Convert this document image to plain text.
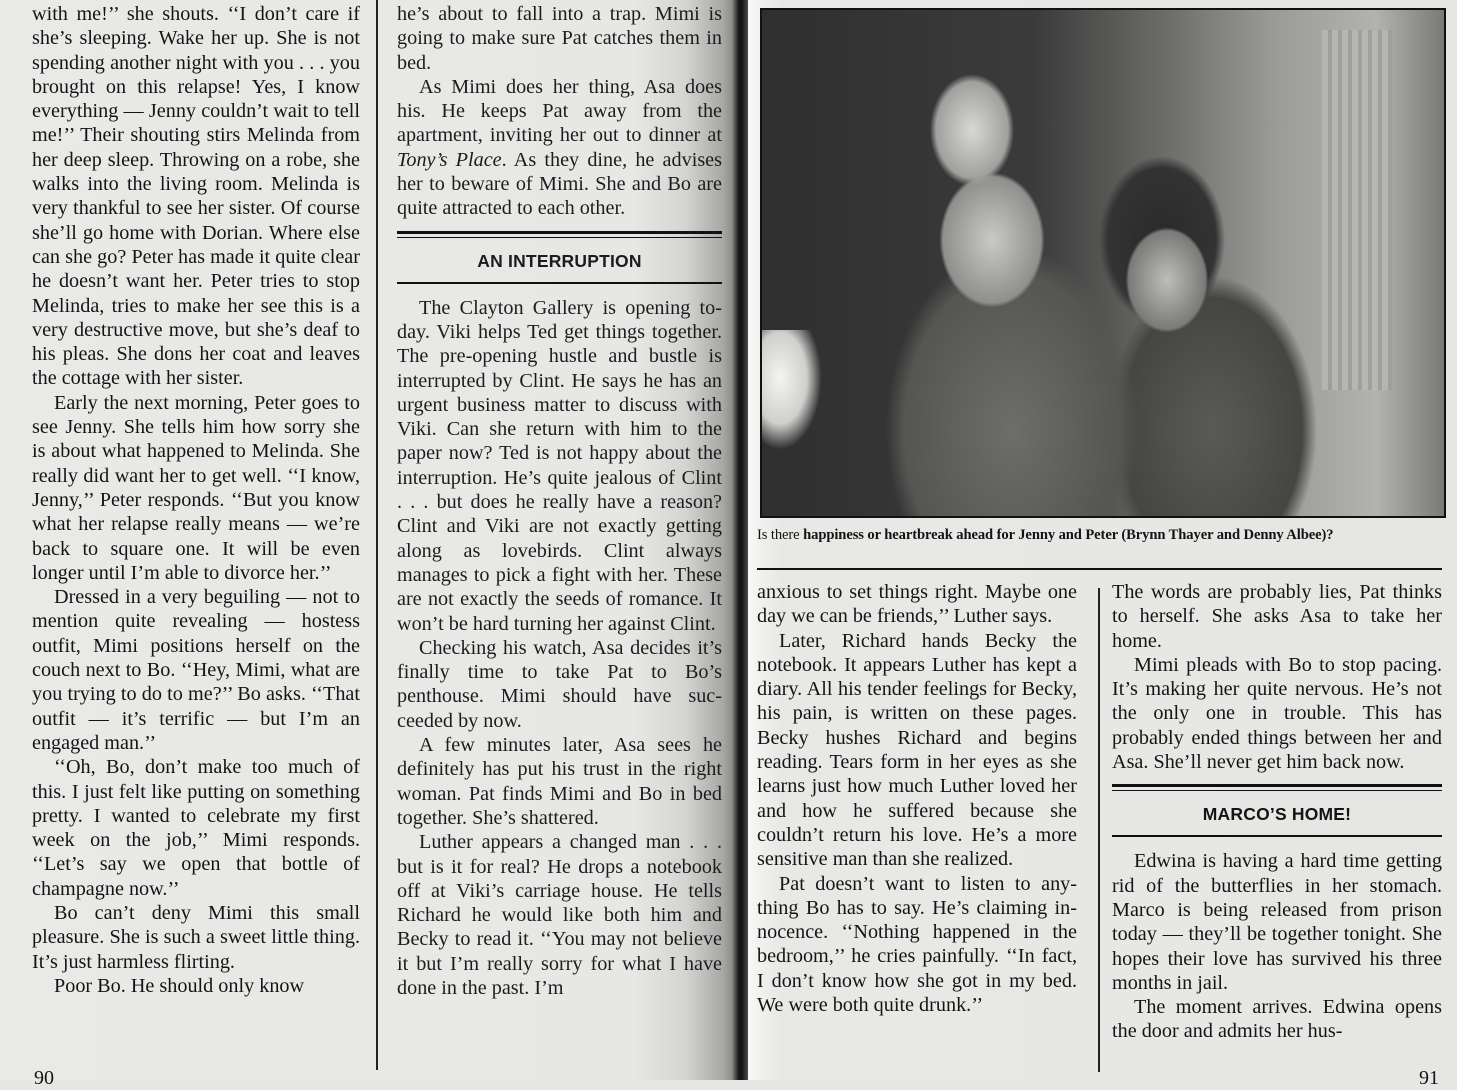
with me!’’ she shouts. ‘‘I don’t care if she’s sleeping. Wake her up. She is not spending another night with you . . . you brought on this relapse! Yes, I know everything — Jenny couldn’t wait to tell me!’’ Their shouting stirs Melinda from her deep sleep. Throwing on a robe, she walks into the living room. Melinda is very thankful to see her sister. Of course she’ll go home with Dorian. Where else can she go? Peter has made it quite clear he doesn’t want her. Peter tries to stop Melinda, tries to make her see this is a very destructive move, but she’s deaf to his pleas. She dons her coat and leaves the cottage with her sister.

Early the next morning, Peter goes to see Jenny. She tells him how sorry she is about what happened to Melinda. She really did want her to get well. ‘‘I know, Jenny,’’ Peter responds. ‘‘But you know what her relapse really means — we’re back to square one. It will be even longer until I’m able to divorce her.’’

Dressed in a very beguiling — not to mention quite revealing — hostess outfit, Mimi positions herself on the couch next to Bo. ‘‘Hey, Mimi, what are you trying to do to me?’’ Bo asks. ‘‘That outfit — it’s terrific — but I’m an engaged man.’’

‘‘Oh, Bo, don’t make too much of this. I just felt like putting on something pretty. I wanted to celebrate my first week on the job,’’ Mimi responds. ‘‘Let’s say we open that bottle of champagne now.’’

Bo can’t deny Mimi this small pleasure. She is such a sweet little thing. It’s just harmless flirting.

Poor Bo. He should only know

he’s about to fall into a trap. Mimi is going to make sure Pat catches them in bed.

As Mimi does her thing, Asa does his. He keeps Pat away from the apartment, inviting her out to dinner at Tony’s Place. As they dine, he advises her to beware of Mimi. She and Bo are quite attracted to each other.

AN INTERRUPTION

The Clayton Gallery is opening today. Viki helps Ted get things together. The pre-opening hustle and bustle is interrupted by Clint. He says he has an urgent business matter to discuss with Viki. Can she return with him to the paper now? Ted is not happy about the interruption. He’s quite jealous of Clint . . . but does he really have a reason? Clint and Viki are not exactly getting along as lovebirds. Clint always manages to pick a fight with her. These are not exactly the seeds of romance. It won’t be hard turning her against Clint.

Checking his watch, Asa decides it’s finally time to take Pat to Bo’s penthouse. Mimi should have succeeded by now.

A few minutes later, Asa sees he definitely has put his trust in the right woman. Pat finds Mimi and Bo in bed together. She’s shattered.

Luther appears a changed man . . . but is it for real? He drops a notebook off at Viki’s carriage house. He tells Richard he would like both him and Becky to read it. ‘‘You may not believe it but I’m really sorry for what I have done in the past. I’m

Is there happiness or heartbreak ahead for Jenny and Peter (Brynn Thayer and Denny Albee)?

anxious to set things right. Maybe one day we can be friends,’’ Luther says.

Later, Richard hands Becky the notebook. It appears Luther has kept a diary. All his tender feelings for Becky, his pain, is written on these pages. Becky hushes Richard and begins reading. Tears form in her eyes as she learns just how much Luther loved her and how he suffered because she couldn’t return his love. He’s a more sensitive man than she realized.

Pat doesn’t want to listen to anything Bo has to say. He’s claiming innocence. ‘‘Nothing happened in the bedroom,’’ he cries painfully. ‘‘In fact, I don’t know how she got in my bed. We were both quite drunk.’’

The words are probably lies, Pat thinks to herself. She asks Asa to take her home.

Mimi pleads with Bo to stop pacing. It’s making her quite nervous. He’s not the only one in trouble. This has probably ended things between her and Asa. She’ll never get him back now.

MARCO’S HOME!

Edwina is having a hard time getting rid of the butterflies in her stomach. Marco is being released from prison today — they’ll be together tonight. She hopes their love has survived his three months in jail.

The moment arrives. Edwina opens the door and admits her hus-

90	91
